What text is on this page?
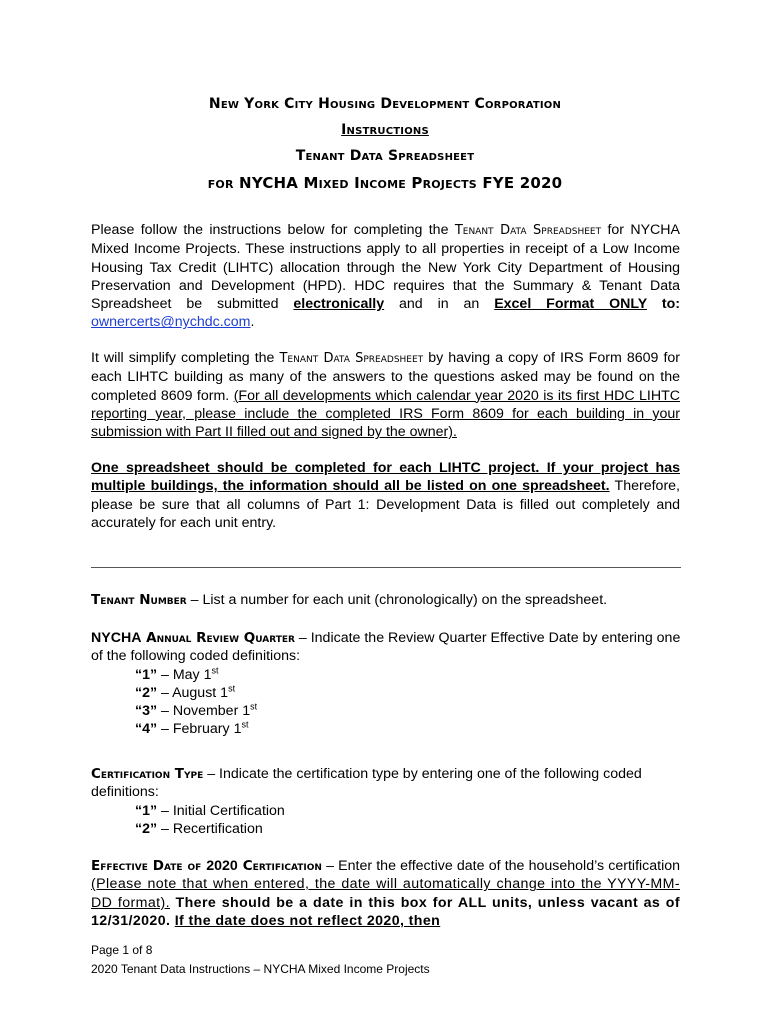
New York City Housing Development Corporation
Instructions
Tenant Data Spreadsheet
for NYCHA Mixed Income Projects FYE 2020
Please follow the instructions below for completing the Tenant Data Spreadsheet for NYCHA Mixed Income Projects. These instructions apply to all properties in receipt of a Low Income Housing Tax Credit (LIHTC) allocation through the New York City Department of Housing Preservation and Development (HPD). HDC requires that the Summary & Tenant Data Spreadsheet be submitted electronically and in an Excel Format ONLY to: ownercerts@nychdc.com.
It will simplify completing the Tenant Data Spreadsheet by having a copy of IRS Form 8609 for each LIHTC building as many of the answers to the questions asked may be found on the completed 8609 form. (For all developments which calendar year 2020 is its first HDC LIHTC reporting year, please include the completed IRS Form 8609 for each building in your submission with Part II filled out and signed by the owner).
One spreadsheet should be completed for each LIHTC project. If your project has multiple buildings, the information should all be listed on one spreadsheet. Therefore, please be sure that all columns of Part 1: Development Data is filled out completely and accurately for each unit entry.
Tenant Number – List a number for each unit (chronologically) on the spreadsheet.
NYCHA Annual Review Quarter – Indicate the Review Quarter Effective Date by entering one of the following coded definitions:
“1” – May 1st
“2” – August 1st
“3” – November 1st
“4” – February 1st
Certification Type – Indicate the certification type by entering one of the following coded definitions:
“1” – Initial Certification
“2” – Recertification
Effective Date of 2020 Certification – Enter the effective date of the household’s certification (Please note that when entered, the date will automatically change into the YYYY-MM-DD format). There should be a date in this box for ALL units, unless vacant as of 12/31/2020. If the date does not reflect 2020, then
Page 1 of 8
2020 Tenant Data Instructions – NYCHA Mixed Income Projects
